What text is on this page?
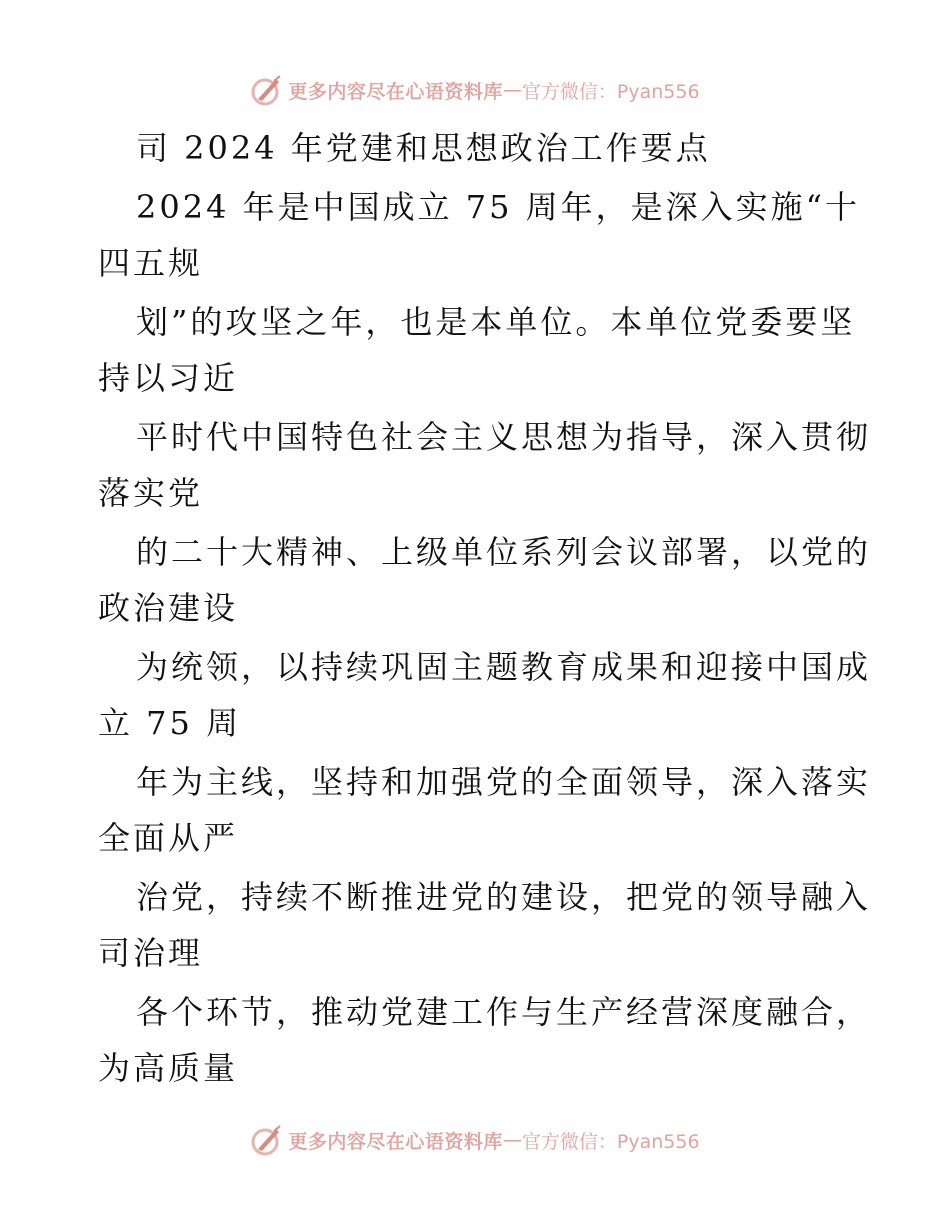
更多内容尽在心语资料库 — 官方微信：Pyan556
司 2024 年党建和思想政治工作要点
2024 年是中国成立 75 周年，是深入实施“十
四五规
划”的攻坚之年，也是本单位。本单位党委要坚
持以习近
平时代中国特色社会主义思想为指导，深入贯彻
落实党
的二十大精神、上级单位系列会议部署，以党的
政治建设
为统领，以持续巩固主题教育成果和迎接中国成
立 75 周
年为主线，坚持和加强党的全面领导，深入落实
全面从严
治党，持续不断推进党的建设，把党的领导融入
司治理
各个环节，推动党建工作与生产经营深度融合，
为高质量
更多内容尽在心语资料库 — 官方微信：Pyan556
